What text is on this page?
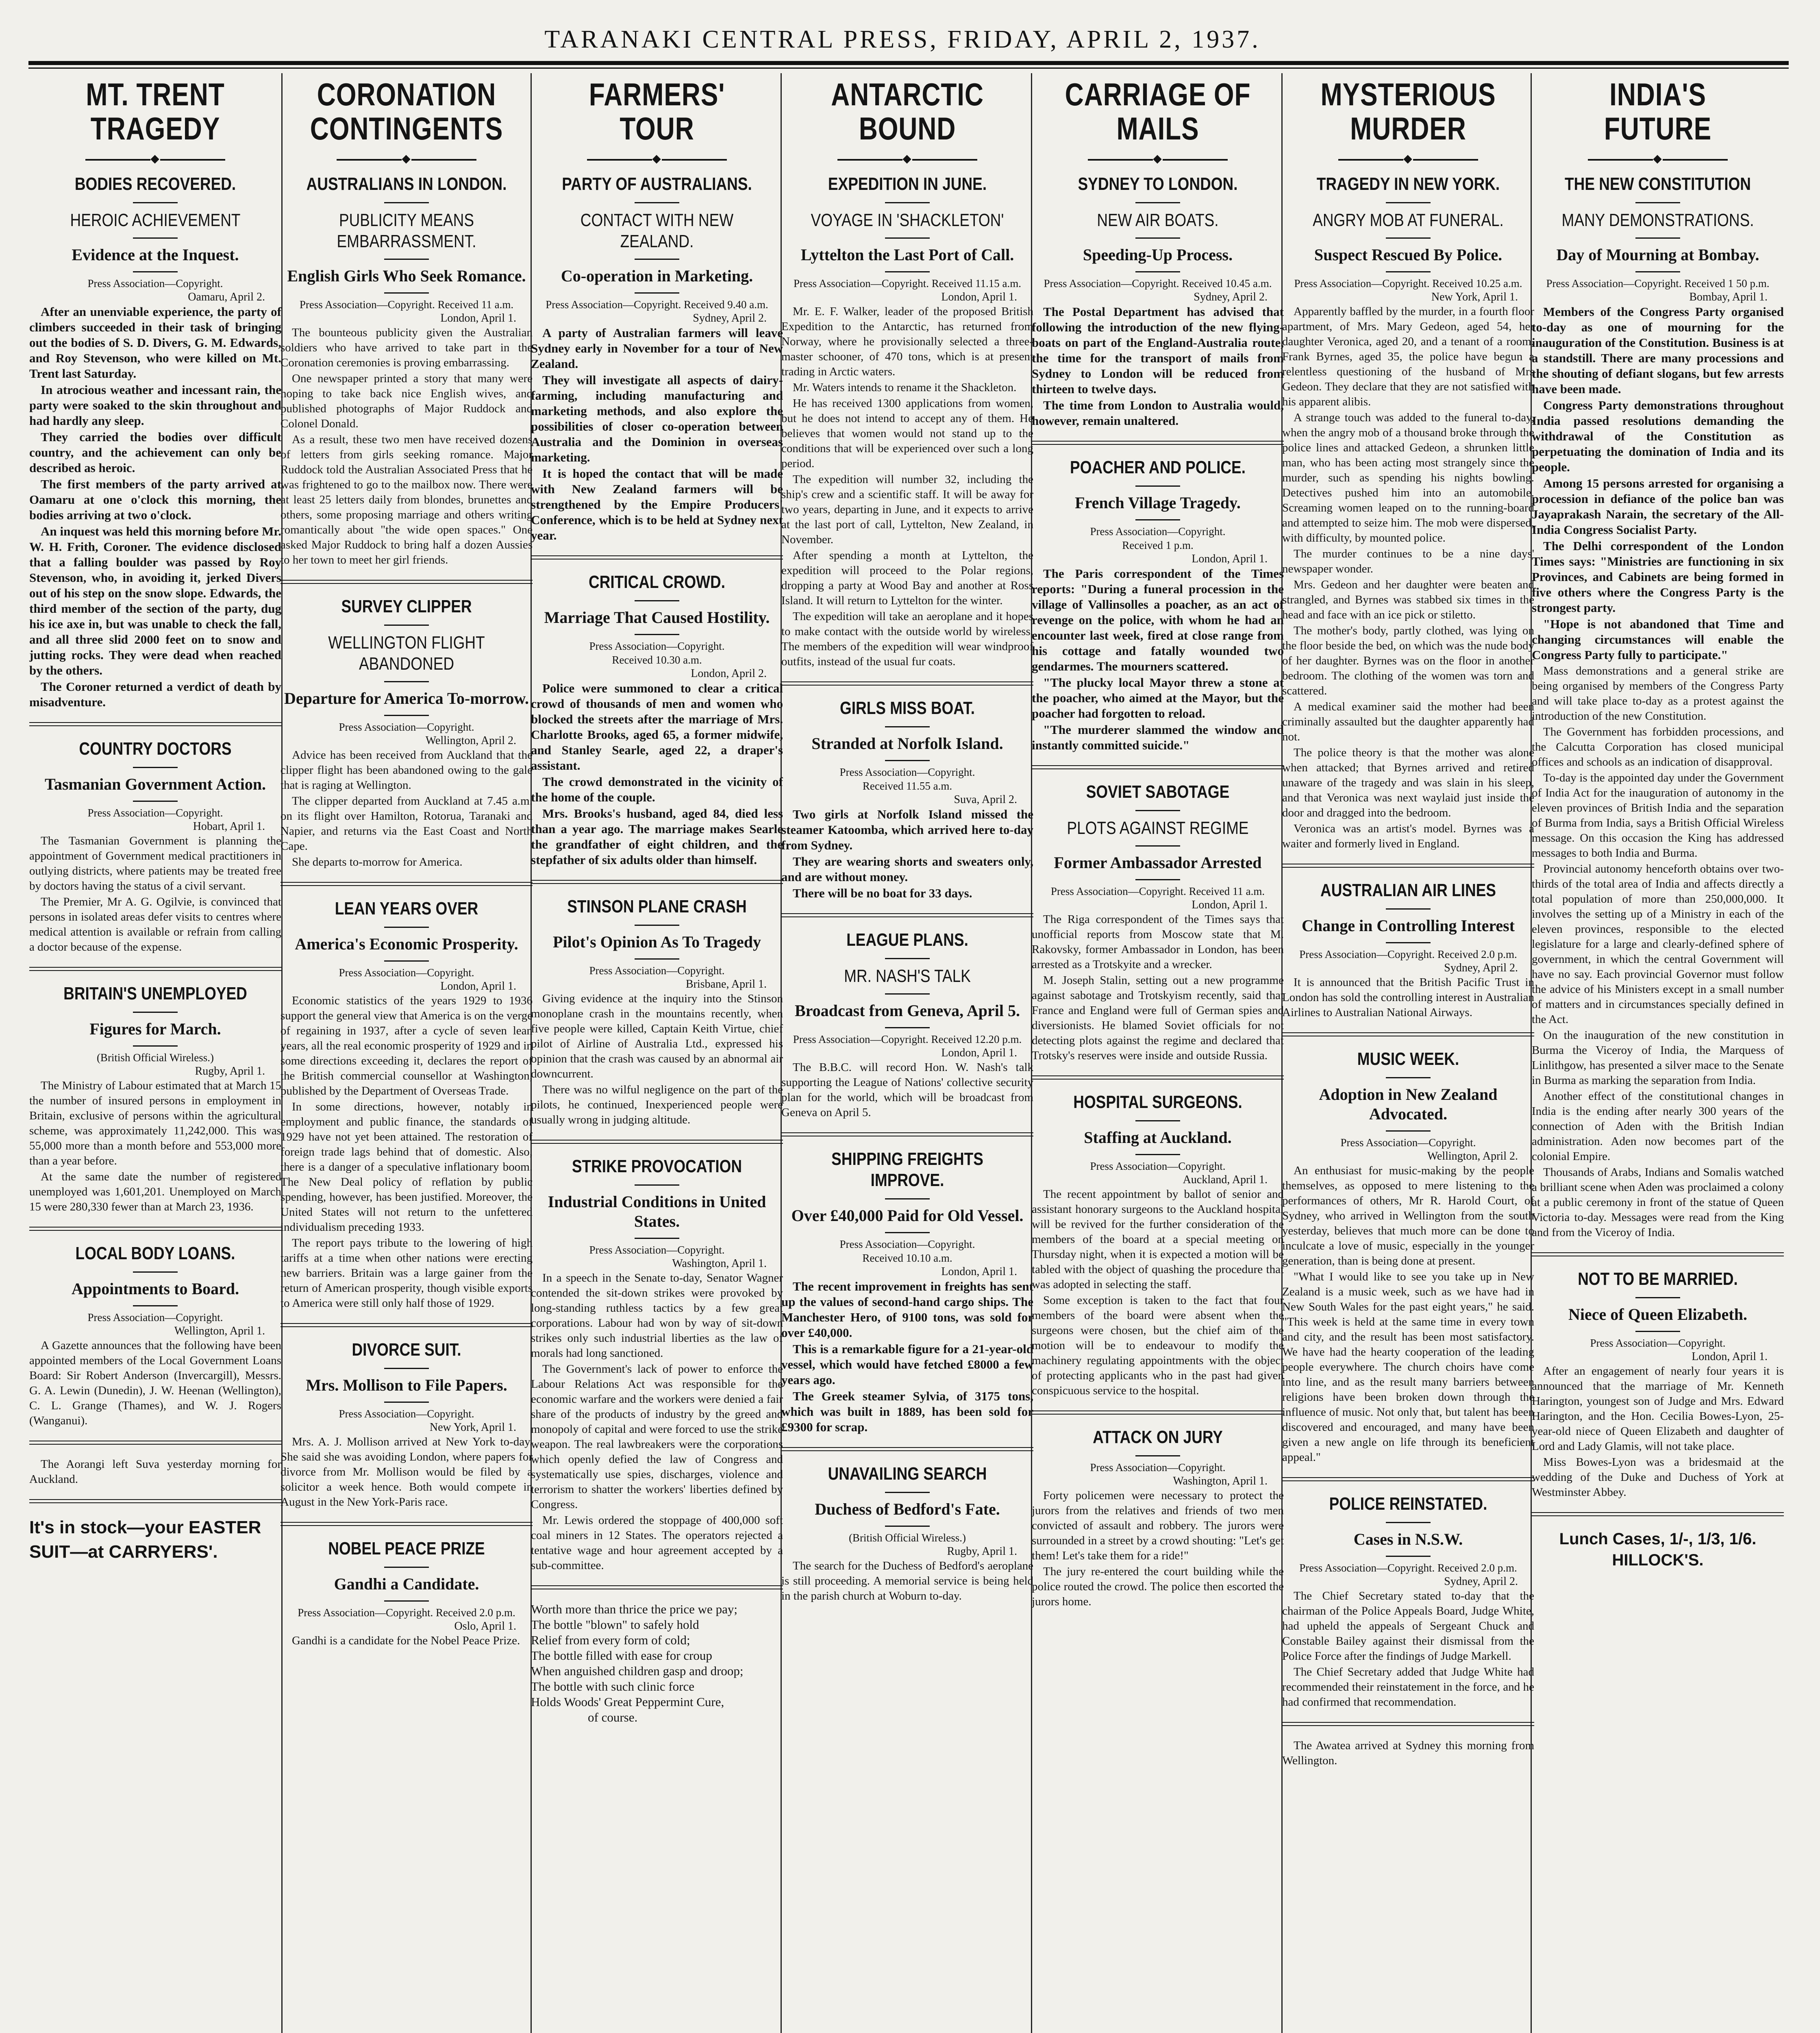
TARANAKI CENTRAL PRESS, FRIDAY, APRIL 2, 1937.
MT. TRENT TRAGEDY
◆
BODIES RECOVERED.
HEROIC ACHIEVEMENT
Evidence at the Inquest.
Press Association—Copyright.
Oamaru, April 2.

After an unenviable experience, the party of climbers succeeded in their task of bringing out the bodies of S. D. Divers, G. M. Edwards, and Roy Stevenson, who were killed on Mt. Trent last Saturday.

In atrocious weather and incessant rain, the party were soaked to the skin throughout and had hardly any sleep.

They carried the bodies over difficult country, and the achievement can only be described as heroic.

The first members of the party arrived at Oamaru at one o'clock this morning, the bodies arriving at two o'clock.

An inquest was held this morning before Mr. W. H. Frith, Coroner. The evidence disclosed that a falling boulder was passed by Roy Stevenson, who, in avoiding it, jerked Divers out of his step on the snow slope. Edwards, the third member of the section of the party, dug his ice axe in, but was unable to check the fall, and all three slid 2000 feet on to snow and jutting rocks. They were dead when reached by the others.

The Coroner returned a verdict of death by misadventure.

COUNTRY DOCTORS
Tasmanian Government Action.
Press Association—Copyright.
Hobart, April 1.

The Tasmanian Government is planning the appointment of Government medical practitioners in outlying districts, where patients may be treated free by doctors having the status of a civil servant.

The Premier, Mr A. G. Ogilvie, is convinced that persons in isolated areas defer visits to centres where medical attention is available or refrain from calling a doctor because of the expense.

BRITAIN'S UNEMPLOYED
Figures for March.
(British Official Wireless.)
Rugby, April 1.

The Ministry of Labour estimated that at March 15 the number of insured persons in employment in Britain, exclusive of persons within the agricultural scheme, was approximately 11,242,000. This was 55,000 more than a month before and 553,000 more than a year before.

At the same date the number of registered unemployed was 1,601,201. Unemployed on March 15 were 280,330 fewer than at March 23, 1936.

LOCAL BODY LOANS.
Appointments to Board.
Press Association—Copyright.
Wellington, April 1.

A Gazette announces that the following have been appointed members of the Local Government Loans Board: Sir Robert Anderson (Invercargill), Messrs. G. A. Lewin (Dunedin), J. W. Heenan (Wellington), C. L. Grange (Thames), and W. J. Rogers (Wanganui).

The Aorangi left Suva yesterday morning for Auckland.

It's in stock—your EASTER SUIT—at CARRYERS'.
CORONATION CONTINGENTS
◆
AUSTRALIANS IN LONDON.
PUBLICITY MEANS EMBARRASSMENT.
English Girls Who Seek Romance.
Press Association—Copyright. Received 11 a.m.
London, April 1.

The bounteous publicity given the Australian soldiers who have arrived to take part in the Coronation ceremonies is proving embarrassing.

One newspaper printed a story that many were hoping to take back nice English wives, and published photographs of Major Ruddock and Colonel Donald.

As a result, these two men have received dozens of letters from girls seeking romance. Major Ruddock told the Australian Associated Press that he was frightened to go to the mailbox now. There were at least 25 letters daily from blondes, brunettes and others, some proposing marriage and others writing romantically about "the wide open spaces." One asked Major Ruddock to bring half a dozen Aussies to her town to meet her girl friends.

SURVEY CLIPPER
WELLINGTON FLIGHT ABANDONED
Departure for America To-morrow.
Press Association—Copyright.
Wellington, April 2.

Advice has been received from Auckland that the clipper flight has been abandoned owing to the gale that is raging at Wellington.

The clipper departed from Auckland at 7.45 a.m. on its flight over Hamilton, Rotorua, Taranaki and Napier, and returns via the East Coast and North Cape.

She departs to-morrow for America.

LEAN YEARS OVER
America's Economic Prosperity.
Press Association—Copyright.
London, April 1.

Economic statistics of the years 1929 to 1936 support the general view that America is on the verge of regaining in 1937, after a cycle of seven lean years, all the real economic prosperity of 1929 and in some directions exceeding it, declares the report of the British commercial counsellor at Washington, published by the Department of Overseas Trade.

In some directions, however, notably in employment and public finance, the standards of 1929 have not yet been attained. The restoration of foreign trade lags behind that of domestic. Also, there is a danger of a speculative inflationary boom. The New Deal policy of reflation by public spending, however, has been justified. Moreover, the United States will not return to the unfettered individualism preceding 1933.

The report pays tribute to the lowering of high tariffs at a time when other nations were erecting new barriers. Britain was a large gainer from the return of American prosperity, though visible exports to America were still only half those of 1929.

DIVORCE SUIT.
Mrs. Mollison to File Papers.
Press Association—Copyright.
New York, April 1.

Mrs. A. J. Mollison arrived at New York to-day. She said she was avoiding London, where papers for divorce from Mr. Mollison would be filed by a solicitor a week hence. Both would compete in August in the New York-Paris race.

NOBEL PEACE PRIZE
Gandhi a Candidate.
Press Association—Copyright. Received 2.0 p.m.
Oslo, April 1.

Gandhi is a candidate for the Nobel Peace Prize.

FARMERS' TOUR
◆
PARTY OF AUSTRALIANS.
CONTACT WITH NEW ZEALAND.
Co-operation in Marketing.
Press Association—Copyright. Received 9.40 a.m.
Sydney, April 2.

A party of Australian farmers will leave Sydney early in November for a tour of New Zealand.

They will investigate all aspects of dairy-farming, including manufacturing and marketing methods, and also explore the possibilities of closer co-operation between Australia and the Dominion in overseas marketing.

It is hoped the contact that will be made with New Zealand farmers will be strengthened by the Empire Producers' Conference, which is to be held at Sydney next year.

CRITICAL CROWD.
Marriage That Caused Hostility.
Press Association—Copyright.
Received 10.30 a.m.
London, April 2.

Police were summoned to clear a critical crowd of thousands of men and women who blocked the streets after the marriage of Mrs. Charlotte Brooks, aged 65, a former midwife, and Stanley Searle, aged 22, a draper's assistant.

The crowd demonstrated in the vicinity of the home of the couple.

Mrs. Brooks's husband, aged 84, died less than a year ago. The marriage makes Searle the grandfather of eight children, and the stepfather of six adults older than himself.

STINSON PLANE CRASH
Pilot's Opinion As To Tragedy
Press Association—Copyright.
Brisbane, April 1.

Giving evidence at the inquiry into the Stinson monoplane crash in the mountains recently, when five people were killed, Captain Keith Virtue, chief pilot of Airline of Australia Ltd., expressed his opinion that the crash was caused by an abnormal air downcurrent.

There was no wilful negligence on the part of the pilots, he continued, Inexperienced people were usually wrong in judging altitude.

STRIKE PROVOCATION
Industrial Conditions in United States.
Press Association—Copyright.
Washington, April 1.

In a speech in the Senate to-day, Senator Wagner contended the sit-down strikes were provoked by long-standing ruthless tactics by a few great corporations. Labour had won by way of sit-down strikes only such industrial liberties as the law of morals had long sanctioned.

The Government's lack of power to enforce the Labour Relations Act was responsible for the economic warfare and the workers were denied a fair share of the products of industry by the greed and monopoly of capital and were forced to use the strike weapon. The real lawbreakers were the corporations which openly defied the law of Congress and systematically use spies, discharges, violence and terrorism to shatter the workers' liberties defined by Congress.

Mr. Lewis ordered the stoppage of 400,000 soft coal miners in 12 States. The operators rejected a tentative wage and hour agreement accepted by a sub-committee.

Worth more than thrice the price we pay;
The bottle "blown" to safely hold
Relief from every form of cold;
The bottle filled with ease for croup
When anguished children gasp and droop;
The bottle with such clinic force
Holds Woods' Great Peppermint Cure,
of course.
ANTARCTIC BOUND
◆
EXPEDITION IN JUNE.
VOYAGE IN 'SHACKLETON'
Lyttelton the Last Port of Call.
Press Association—Copyright. Received 11.15 a.m.
London, April 1.

Mr. E. F. Walker, leader of the proposed British Expedition to the Antarctic, has returned from Norway, where he provisionally selected a three-master schooner, of 470 tons, which is at present trading in Arctic waters.

Mr. Waters intends to rename it the Shackleton.

He has received 1300 applications from women, but he does not intend to accept any of them. He believes that women would not stand up to the conditions that will be experienced over such a long period.

The expedition will number 32, including the ship's crew and a scientific staff. It will be away for two years, departing in June, and it expects to arrive at the last port of call, Lyttelton, New Zealand, in November.

After spending a month at Lyttelton, the expedition will proceed to the Polar regions, dropping a party at Wood Bay and another at Ross Island. It will return to Lyttelton for the winter.

The expedition will take an aeroplane and it hopes to make contact with the outside world by wireless. The members of the expedition will wear windproof outfits, instead of the usual fur coats.

GIRLS MISS BOAT.
Stranded at Norfolk Island.
Press Association—Copyright.
Received 11.55 a.m.
Suva, April 2.

Two girls at Norfolk Island missed the steamer Katoomba, which arrived here to-day from Sydney.

They are wearing shorts and sweaters only, and are without money.

There will be no boat for 33 days.

LEAGUE PLANS.
MR. NASH'S TALK
Broadcast from Geneva, April 5.
Press Association—Copyright. Received 12.20 p.m.
London, April 1.

The B.B.C. will record Hon. W. Nash's talk supporting the League of Nations' collective security plan for the world, which will be broadcast from Geneva on April 5.

SHIPPING FREIGHTS IMPROVE.
Over £40,000 Paid for Old Vessel.
Press Association—Copyright.
Received 10.10 a.m.
London, April 1.

The recent improvement in freights has sent up the values of second-hand cargo ships. The Manchester Hero, of 9100 tons, was sold for over £40,000.

This is a remarkable figure for a 21-year-old vessel, which would have fetched £8000 a few years ago.

The Greek steamer Sylvia, of 3175 tons, which was built in 1889, has been sold for £9300 for scrap.

UNAVAILING SEARCH
Duchess of Bedford's Fate.
(British Official Wireless.)
Rugby, April 1.

The search for the Duchess of Bedford's aeroplane is still proceeding. A memorial service is being held in the parish church at Woburn to-day.

CARRIAGE OF MAILS
◆
SYDNEY TO LONDON.
NEW AIR BOATS.
Speeding-Up Process.
Press Association—Copyright. Received 10.45 a.m.
Sydney, April 2.

The Postal Department has advised that following the introduction of the new flying-boats on part of the England-Australia route, the time for the transport of mails from Sydney to London will be reduced from thirteen to twelve days.

The time from London to Australia would, however, remain unaltered.

POACHER AND POLICE.
French Village Tragedy.
Press Association—Copyright.
Received 1 p.m.
London, April 1.

The Paris correspondent of the Times reports: "During a funeral procession in the village of Vallinsolles a poacher, as an act of revenge on the police, with whom he had an encounter last week, fired at close range from his cottage and fatally wounded two gendarmes. The mourners scattered.

"The plucky local Mayor threw a stone at the poacher, who aimed at the Mayor, but the poacher had forgotten to reload.

"The murderer slammed the window and instantly committed suicide."

SOVIET SABOTAGE
PLOTS AGAINST REGIME
Former Ambassador Arrested
Press Association—Copyright. Received 11 a.m.
London, April 1.

The Riga correspondent of the Times says that unofficial reports from Moscow state that M. Rakovsky, former Ambassador in London, has been arrested as a Trotskyite and a wrecker.

M. Joseph Stalin, setting out a new programme against sabotage and Trotskyism recently, said that France and England were full of German spies and diversionists. He blamed Soviet officials for not detecting plots against the regime and declared that Trotsky's reserves were inside and outside Russia.

HOSPITAL SURGEONS.
Staffing at Auckland.
Press Association—Copyright.
Auckland, April 1.

The recent appointment by ballot of senior and assistant honorary surgeons to the Auckland hospital will be revived for the further consideration of the members of the board at a special meeting on Thursday night, when it is expected a motion will be tabled with the object of quashing the procedure that was adopted in selecting the staff.

Some exception is taken to the fact that four members of the board were absent when the surgeons were chosen, but the chief aim of the motion will be to endeavour to modify the machinery regulating appointments with the object of protecting applicants who in the past had given conspicuous service to the hospital.

ATTACK ON JURY
Press Association—Copyright.
Washington, April 1.

Forty policemen were necessary to protect the jurors from the relatives and friends of two men convicted of assault and robbery. The jurors were surrounded in a street by a crowd shouting: "Let's get them! Let's take them for a ride!"

The jury re-entered the court building while the police routed the crowd. The police then escorted the jurors home.

MYSTERIOUS MURDER
◆
TRAGEDY IN NEW YORK.
ANGRY MOB AT FUNERAL.
Suspect Rescued By Police.
Press Association—Copyright. Received 10.25 a.m.
New York, April 1.

Apparently baffled by the murder, in a fourth floor apartment, of Mrs. Mary Gedeon, aged 54, her daughter Veronica, aged 20, and a tenant of a room, Frank Byrnes, aged 35, the police have begun a relentless questioning of the husband of Mrs Gedeon. They declare that they are not satisfied with his apparent alibis.

A strange touch was added to the funeral to-day, when the angry mob of a thousand broke through the police lines and attacked Gedeon, a shrunken little man, who has been acting most strangely since the murder, such as spending his nights bowling. Detectives pushed him into an automobile. Screaming women leaped on to the running-board and attempted to seize him. The mob were dispersed, with difficulty, by mounted police.

The murder continues to be a nine days' newspaper wonder.

Mrs. Gedeon and her daughter were beaten and strangled, and Byrnes was stabbed six times in the head and face with an ice pick or stiletto.

The mother's body, partly clothed, was lying on the floor beside the bed, on which was the nude body of her daughter. Byrnes was on the floor in another bedroom. The clothing of the women was torn and scattered.

A medical examiner said the mother had been criminally assaulted but the daughter apparently had not.

The police theory is that the mother was alone when attacked; that Byrnes arrived and retired unaware of the tragedy and was slain in his sleep, and that Veronica was next waylaid just inside the door and dragged into the bedroom.

Veronica was an artist's model. Byrnes was a waiter and formerly lived in England.

AUSTRALIAN AIR LINES
Change in Controlling Interest
Press Association—Copyright. Received 2.0 p.m.
Sydney, April 2.

It is announced that the British Pacific Trust in London has sold the controlling interest in Australian Airlines to Australian National Airways.

MUSIC WEEK.
Adoption in New Zealand Advocated.
Press Association—Copyright.
Wellington, April 2.

An enthusiast for music-making by the people themselves, as opposed to mere listening to the performances of others, Mr R. Harold Court, of Sydney, who arrived in Wellington from the south yesterday, believes that much more can be done to inculcate a love of music, especially in the younger generation, than is being done at present.

"What I would like to see you take up in New Zealand is a music week, such as we have had in New South Wales for the past eight years," he said. "This week is held at the same time in every town and city, and the result has been most satisfactory. We have had the hearty cooperation of the leading people everywhere. The church choirs have come into line, and as the result many barriers between religions have been broken down through the influence of music. Not only that, but talent has been discovered and encouraged, and many have been given a new angle on life through its beneficient appeal."

POLICE REINSTATED.
Cases in N.S.W.
Press Association—Copyright. Received 2.0 p.m.
Sydney, April 2.

The Chief Secretary stated to-day that the chairman of the Police Appeals Board, Judge White, had upheld the appeals of Sergeant Chuck and Constable Bailey against their dismissal from the Police Force after the findings of Judge Markell.

The Chief Secretary added that Judge White had recommended their reinstatement in the force, and he had confirmed that recommendation.

The Awatea arrived at Sydney this morning from Wellington.

INDIA'S FUTURE
◆
THE NEW CONSTITUTION
MANY DEMONSTRATIONS.
Day of Mourning at Bombay.
Press Association—Copyright. Received 1 50 p.m.
Bombay, April 1.

Members of the Congress Party organised to-day as one of mourning for the inauguration of the Constitution. Business is at a standstill. There are many processions and the shouting of defiant slogans, but few arrests have been made.

Congress Party demonstrations throughout India passed resolutions demanding the withdrawal of the Constitution as perpetuating the domination of India and its people.

Among 15 persons arrested for organising a procession in defiance of the police ban was Jayaprakash Narain, the secretary of the All-India Congress Socialist Party.

The Delhi correspondent of the London Times says: "Ministries are functioning in six Provinces, and Cabinets are being formed in five others where the Congress Party is the strongest party.

"Hope is not abandoned that Time and changing circumstances will enable the Congress Party fully to participate."

Mass demonstrations and a general strike are being organised by members of the Congress Party and will take place to-day as a protest against the introduction of the new Constitution.

The Government has forbidden processions, and the Calcutta Corporation has closed municipal offices and schools as an indication of disapproval.

To-day is the appointed day under the Government of India Act for the inauguration of autonomy in the eleven provinces of British India and the separation of Burma from India, says a British Official Wireless message. On this occasion the King has addressed messages to both India and Burma.

Provincial autonomy henceforth obtains over two-thirds of the total area of India and affects directly a total population of more than 250,000,000. It involves the setting up of a Ministry in each of the eleven provinces, responsible to the elected legislature for a large and clearly-defined sphere of government, in which the central Government will have no say. Each provincial Governor must follow the advice of his Ministers except in a small number of matters and in circumstances specially defined in the Act.

On the inauguration of the new constitution in Burma the Viceroy of India, the Marquess of Linlithgow, has presented a silver mace to the Senate in Burma as marking the separation from India.

Another effect of the constitutional changes in India is the ending after nearly 300 years of the connection of Aden with the British Indian administration. Aden now becomes part of the colonial Empire.

Thousands of Arabs, Indians and Somalis watched a brilliant scene when Aden was proclaimed a colony at a public ceremony in front of the statue of Queen Victoria to-day. Messages were read from the King and from the Viceroy of India.

NOT TO BE MARRIED.
Niece of Queen Elizabeth.
Press Association—Copyright.
London, April 1.

After an engagement of nearly four years it is announced that the marriage of Mr. Kenneth Harington, youngest son of Judge and Mrs. Edward Harington, and the Hon. Cecilia Bowes-Lyon, 25-year-old niece of Queen Elizabeth and daughter of Lord and Lady Glamis, will not take place.

Miss Bowes-Lyon was a bridesmaid at the wedding of the Duke and Duchess of York at Westminster Abbey.

Lunch Cases, 1/-, 1/3, 1/6.
HILLOCK'S.
